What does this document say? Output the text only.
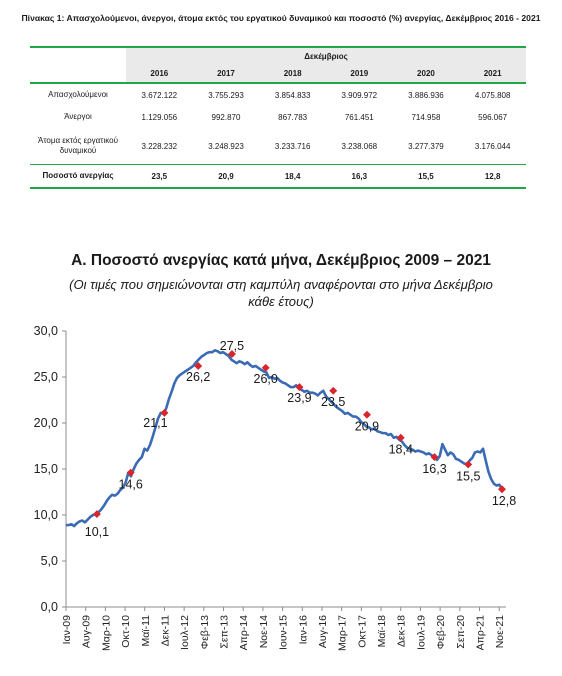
Πίνακας 1: Απασχολούμενοι, άνεργοι, άτομα εκτός του εργατικού δυναμικού και ποσοστό (%) ανεργίας, Δεκέμβριος 2016 - 2021
	Δεκέμβριος					
	2016	2017	2018	2019	2020	2021
Απασχολούμενοι	3.672.122	3.755.293	3.854.833	3.909.972	3.886.936	4.075.808
Άνεργοι	1.129.056	992.870	867.783	761.451	714.958	596.067
Άτομα εκτός εργατικού δυναμικού	3.228.232	3.248.923	3.233.716	3.238.068	3.277.379	3.176.044
Ποσοστό ανεργίας	23,5	20,9	18,4	16,3	15,5	12,8
Α. Ποσοστό ανεργίας κατά μήνα, Δεκέμβριος 2009 – 2021
(Οι τιμές που σημειώνονται στη καμπύλη αναφέρονται στο μήνα Δεκέμβριο κάθε έτους)
0,0
5,0
10,0
15,0
20,0
25,0
30,0
Ιαν-09 Αυγ-09 Μαρ-10 Οκτ-10 Μαϊ-11 Δεκ-11 Ιουλ-12 Φεβ-13 Σεπ-13 Απρ-14 Νοε-14 Ιουν-15 Ιαν-16 Αυγ-16 Μαρ-17 Οκτ-17 Μαϊ-18 Δεκ-18 Ιουλ-19 Φεβ-20 Σεπ-20 Απρ-21 Νοε-21
10,1
14,6
21,1
26,2
27,5
26,0
23,9 23,5
20,9
18,4
16,3
15,5
12,8
